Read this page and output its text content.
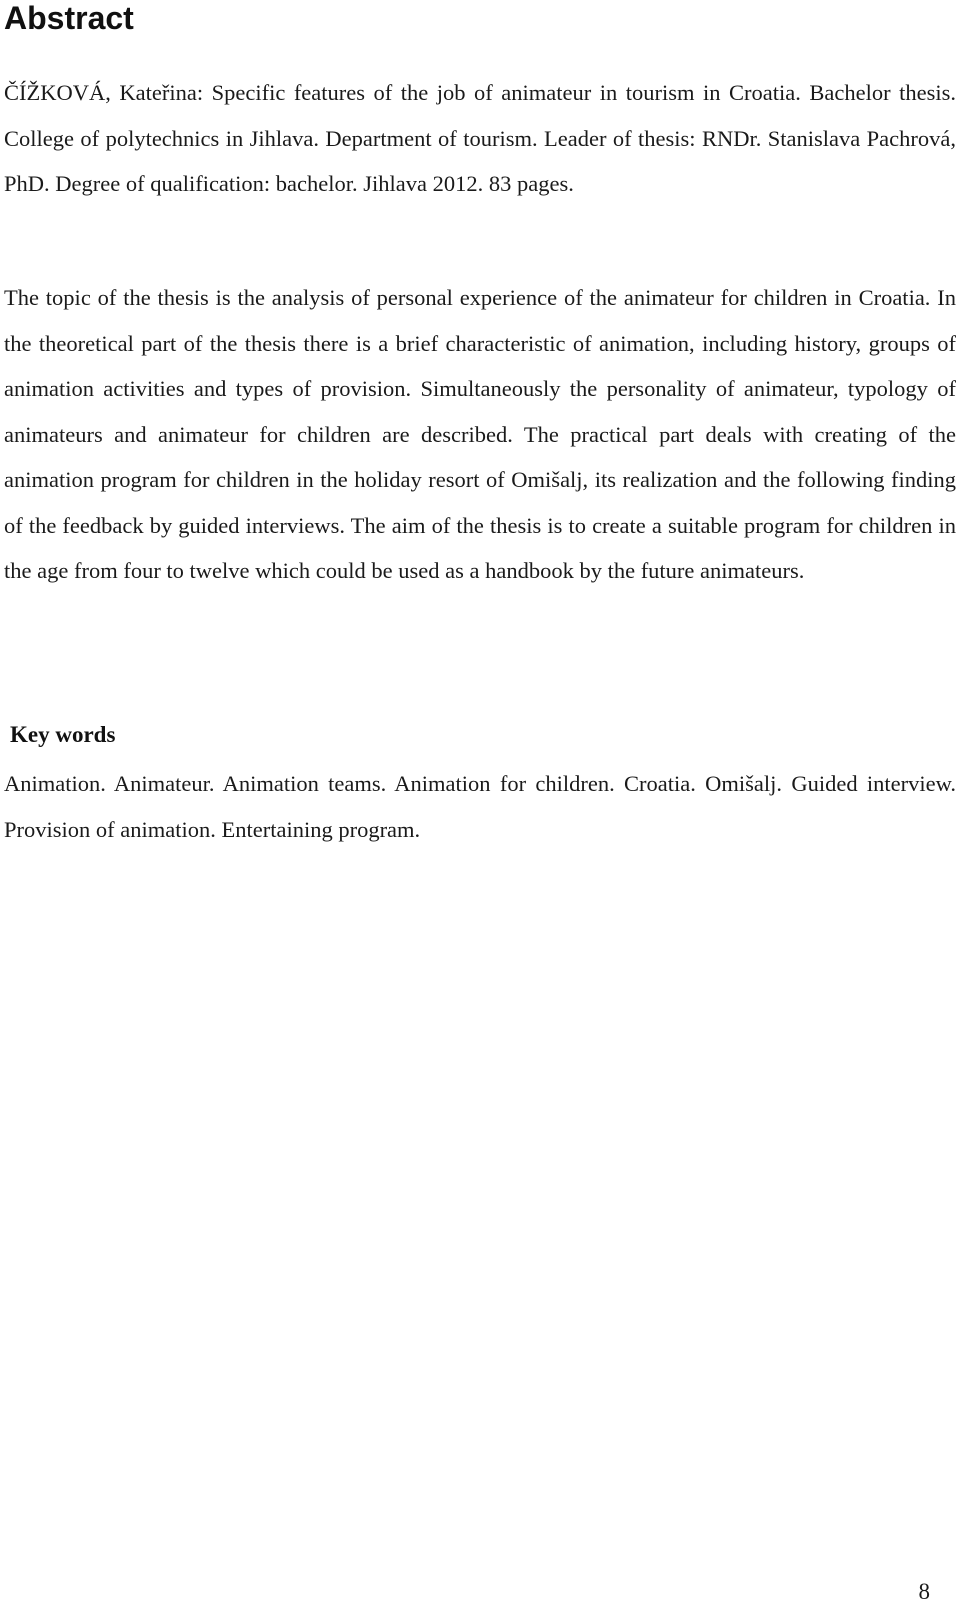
Abstract

ČÍŽKOVÁ, Kateřina: Specific features of the job of animateur in tourism in Croatia. Bachelor thesis. College of polytechnics in Jihlava. Department of tourism. Leader of thesis: RNDr. Stanislava Pachrová, PhD. Degree of qualification: bachelor. Jihlava 2012. 83 pages.

The topic of the thesis is the analysis of personal experience of the animateur for children in Croatia. In the theoretical part of the thesis there is a brief characteristic of animation, including history, groups of animation activities and types of provision. Simultaneously the personality of animateur, typology of animateurs and animateur for children are described. The practical part deals with creating of the animation program for children in the holiday resort of Omišalj, its realization and the following finding of the feedback by guided interviews. The aim of the thesis is to create a suitable program for children in the age from four to twelve which could be used as a handbook by the future animateurs.

Key words

Animation. Animateur. Animation teams. Animation for children. Croatia. Omišalj. Guided interview. Provision of animation. Entertaining program.

8
